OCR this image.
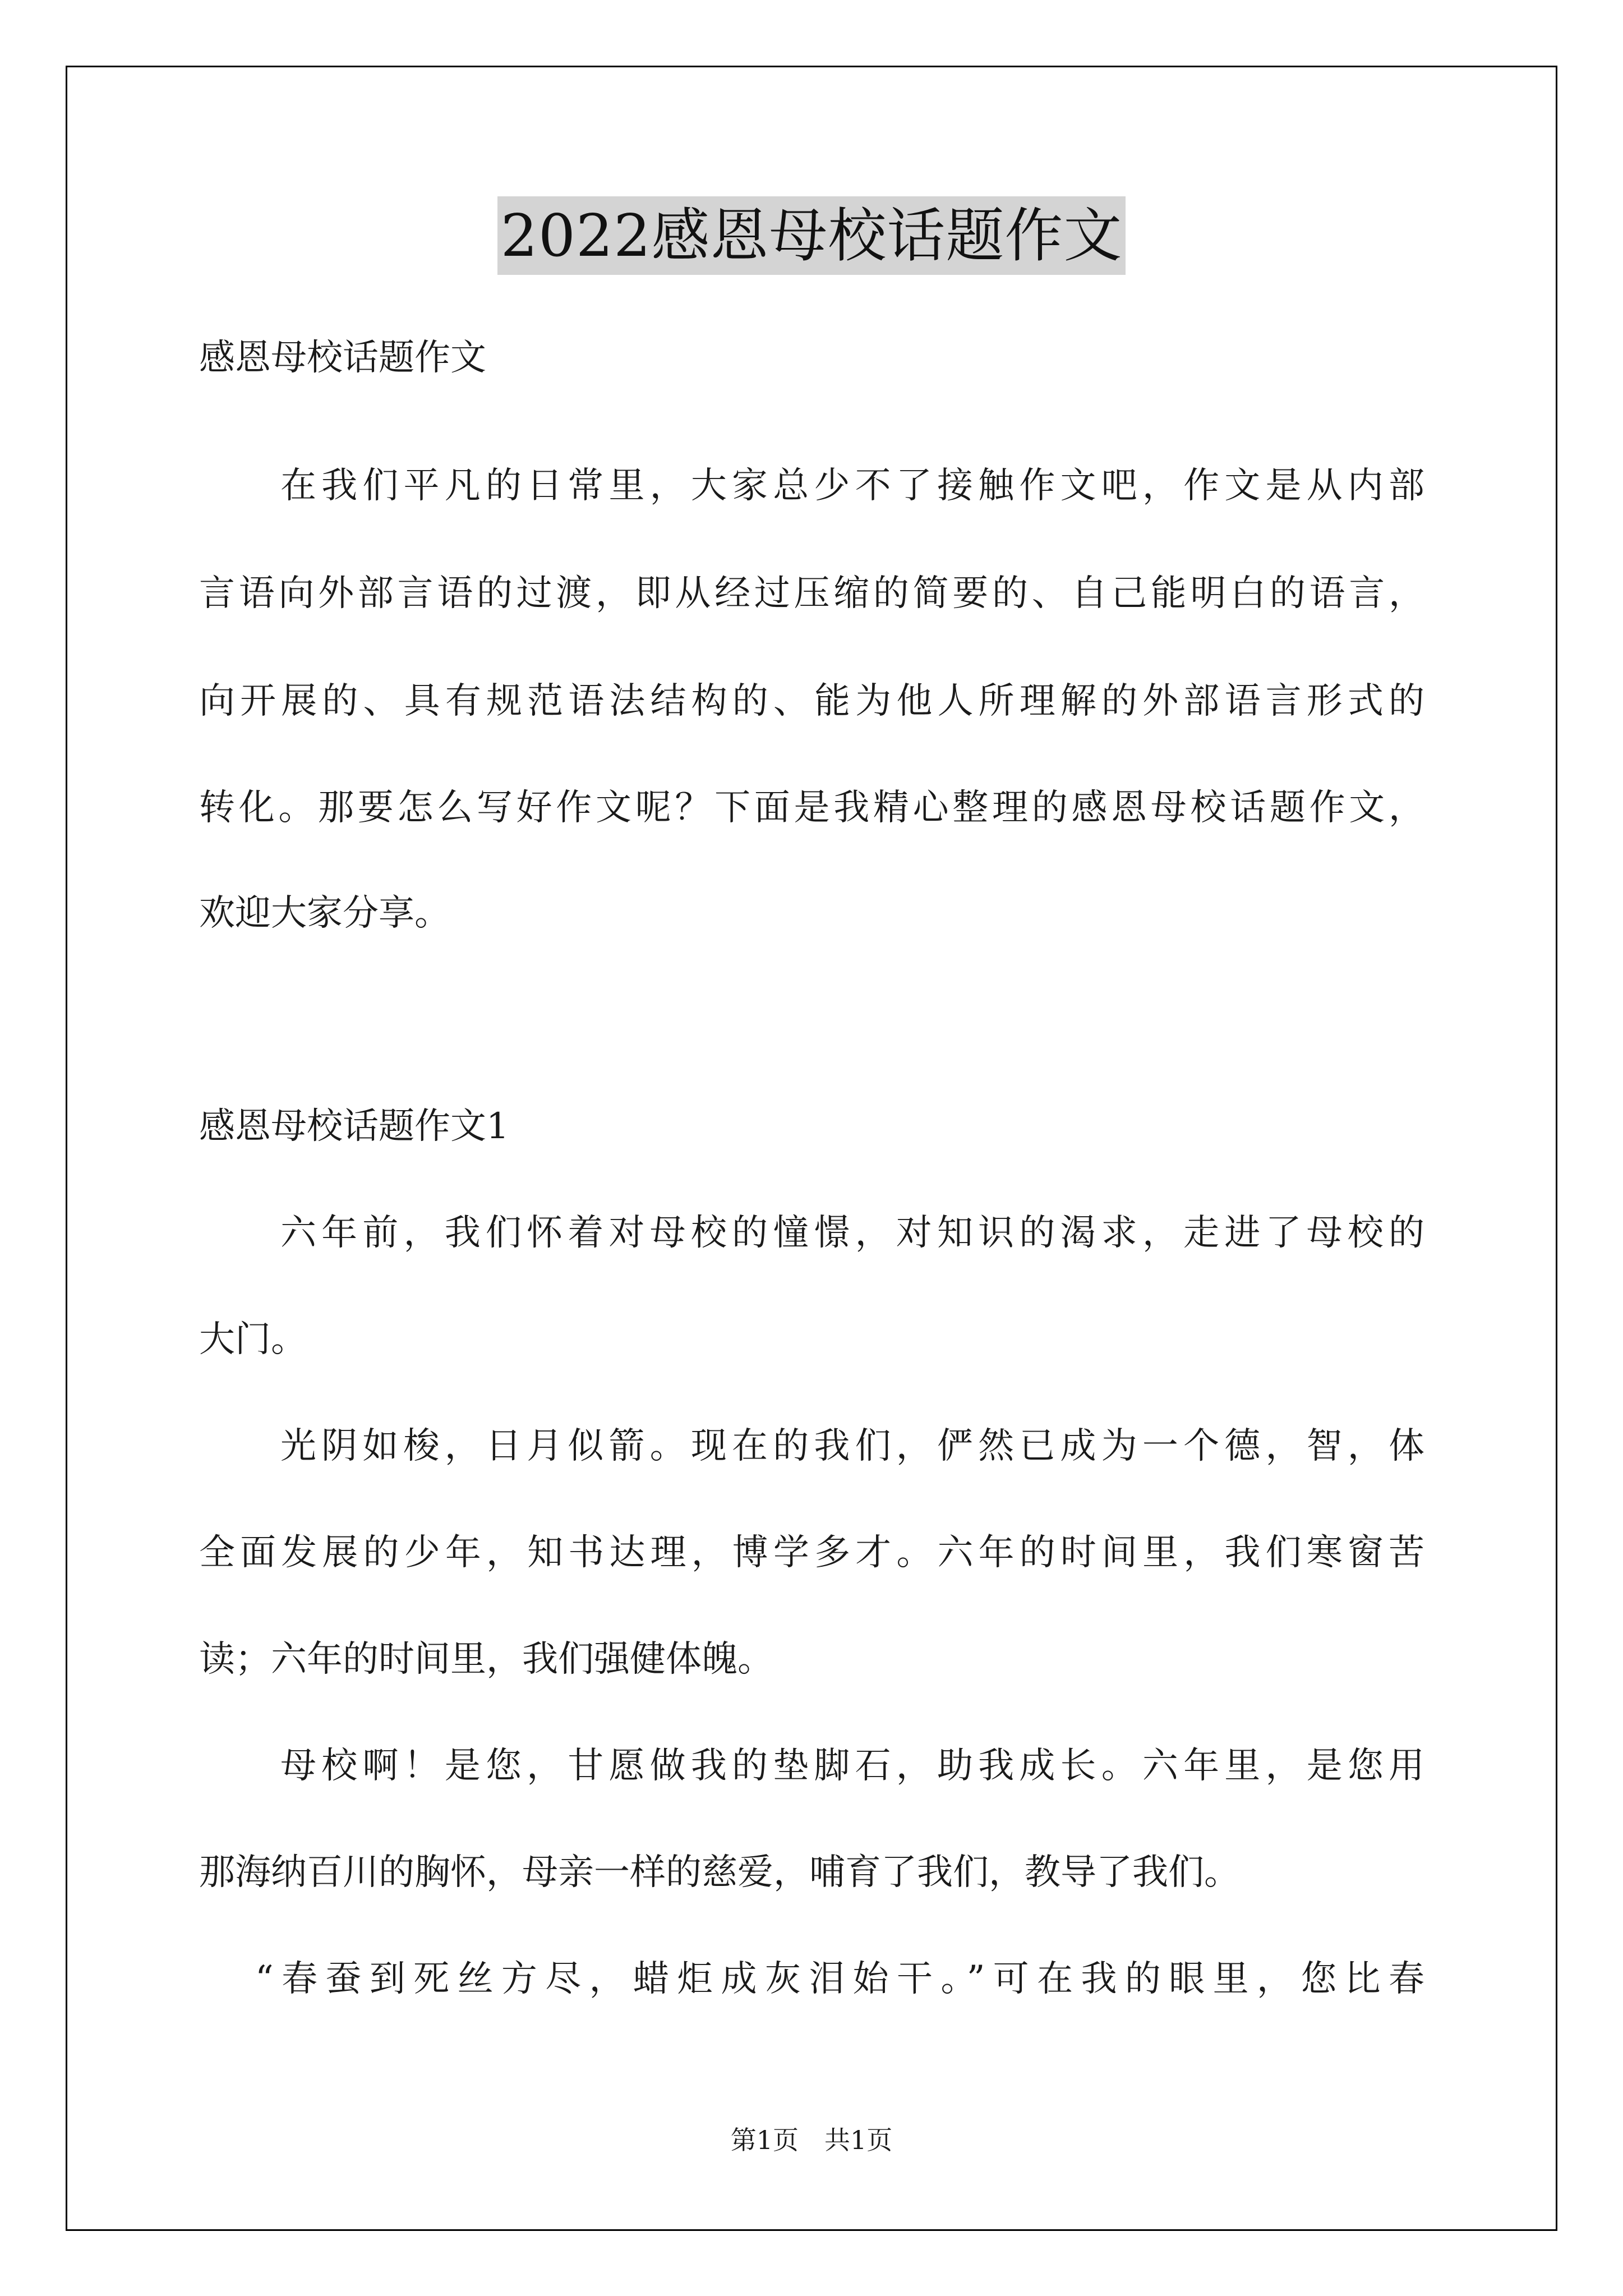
2022感恩母校话题作文
感恩母校话题作文
在我们平凡的日常里，大家总少不了接触作文吧，作文是从内部
言语向外部言语的过渡，即从经过压缩的简要的、自己能明白的语言，
向开展的、具有规范语法结构的、能为他人所理解的外部语言形式的
转化。那要怎么写好作文呢？下面是我精心整理的感恩母校话题作文，
欢迎大家分享。
感恩母校话题作文1
六年前，我们怀着对母校的憧憬，对知识的渴求，走进了母校的
大门。
光阴如梭，日月似箭。现在的我们，俨然已成为一个德，智，体
全面发展的少年，知书达理，博学多才。六年的时间里，我们寒窗苦
读；六年的时间里，我们强健体魄。
母校啊！是您，甘愿做我的垫脚石，助我成长。六年里，是您用
那海纳百川的胸怀，母亲一样的慈爱，哺育了我们，教导了我们。
“春蚕到死丝方尽，蜡炬成灰泪始干。”可在我的眼里，您比春
第1页　共1页
